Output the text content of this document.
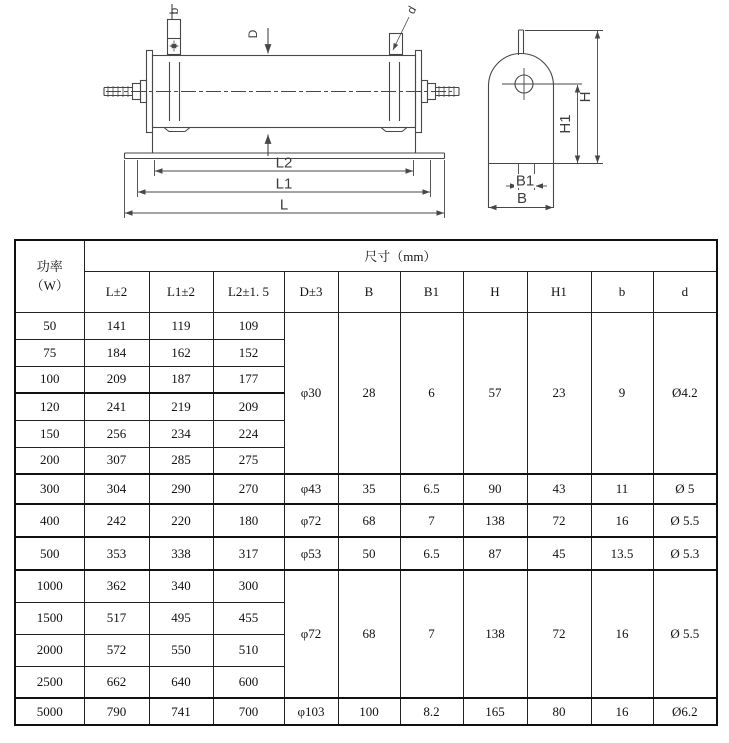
b	d
D
L2
L1
L
H
H1
B1
B
功率
（W）	尺寸（mm）									
	L±2	L1±2	L2±1. 5	D±3	B	B1	H	H1	b	d
50	141	119	109	φ30	28	6	57	23	9	Ø4.2
75	184	162	152							
100	209	187	177							
120	241	219	209							
150	256	234	224							
200	307	285	275							
300	304	290	270	φ43	35	6.5	90	43	11	Ø 5
400	242	220	180	φ72	68	7	138	72	16	Ø 5.5
500	353	338	317	φ53	50	6.5	87	45	13.5	Ø 5.3
1000	362	340	300	φ72	68	7	138	72	16	Ø 5.5
1500	517	495	455							
2000	572	550	510							
2500	662	640	600							
5000	790	741	700	φ103	100	8.2	165	80	16	Ø6.2
